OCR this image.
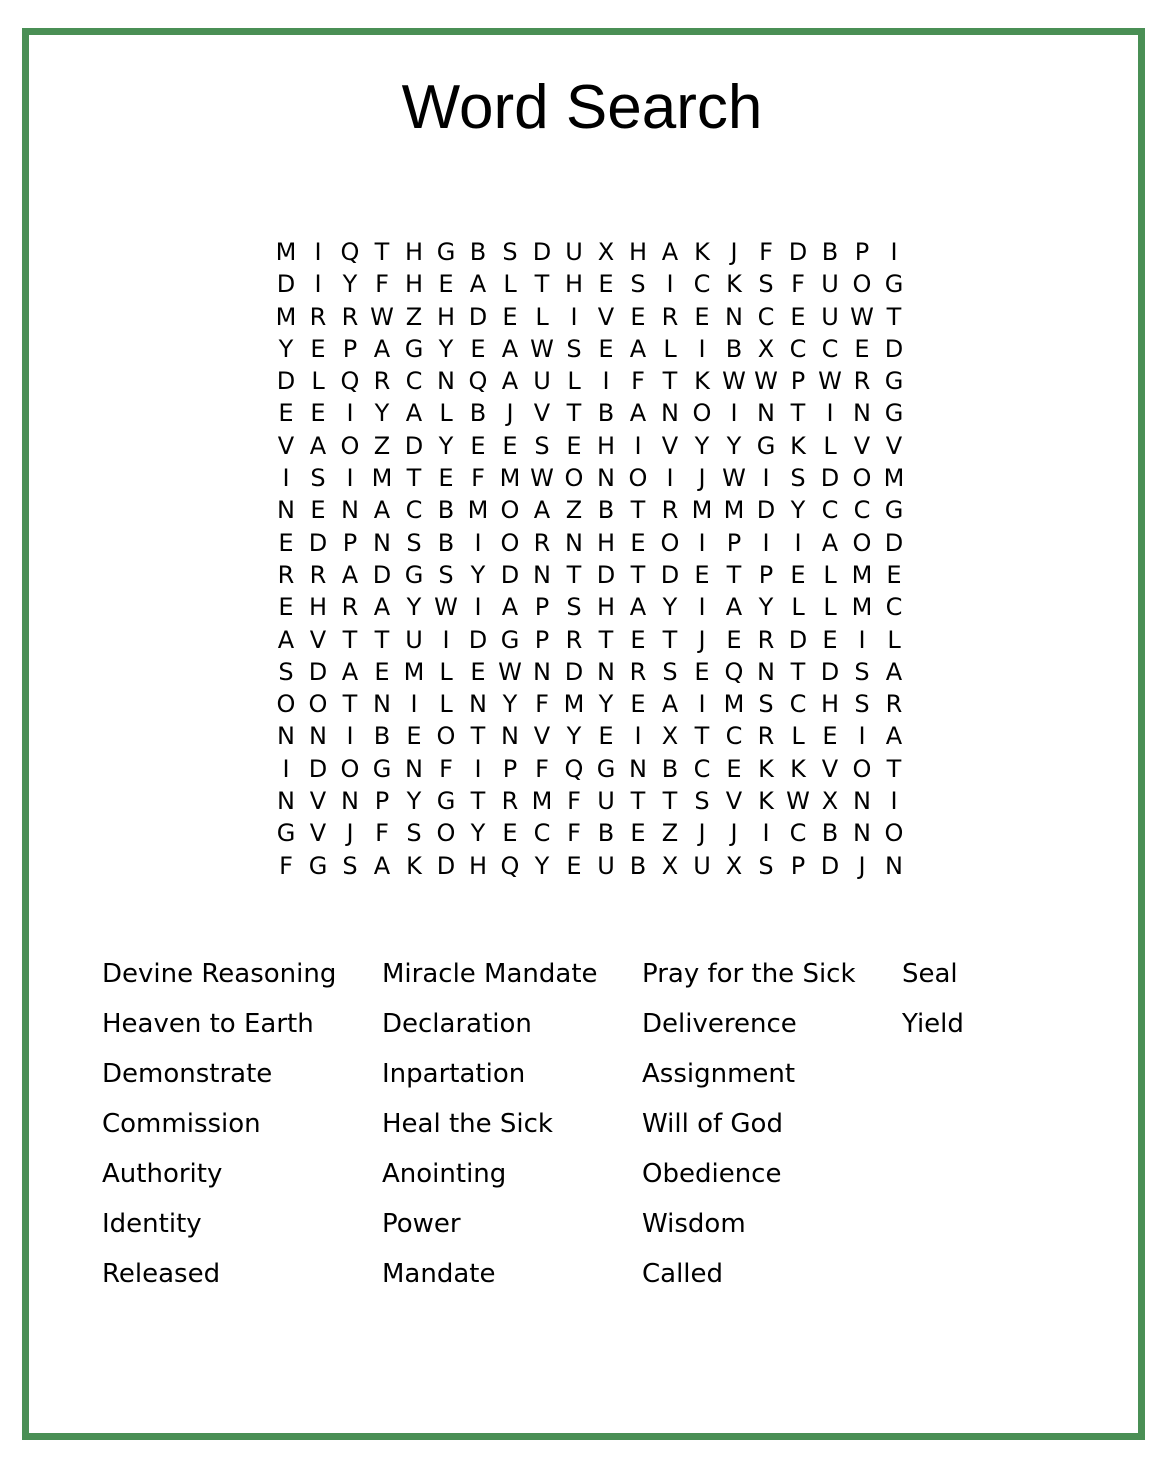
Word Search
M I Q T H G B S D U X H A K J F D B P I
D I Y F H E A L T H E S I C K S F U O G
M R R W Z H D E L I V E R E N C E U W T
Y E P A G Y E A W S E A L I B X C C E D
D L Q R C N Q A U L I F T K W W P W R G
E E I Y A L B J V T B A N O I N T I N G
V A O Z D Y E E S E H I V Y Y G K L V V
I S I M T E F M W O N O I	J W I S D O M
N E N A C B M O A Z B T R M M D Y C C G
E D P N S B I O R N H E O I P I	I A O D
R R A D G S Y D N T D T D E T P E L M E
E H R A Y W I A P S H A Y I A Y L L M C
A V T T U I D G P R T E T J E R D E I L
S D A E M L E W N D N R S E Q N T D S A
O O T N I L N Y F M Y E A I M S C H S R
N N I B E O T N V Y E I X T C R L E I A
I D O G N F I P F Q G N B C E K K V O T
N V N P Y G T R M F U T T S V K W X N I
G V J F S O Y E C F B E Z J	J	I C B N O
F G S A K D H Q Y E U B X U X S P D J N
Devine Reasoning
Heaven to Earth
Demonstrate
Commission
Authority
Identity
Released
Miracle Mandate
Declaration
Inpartation
Heal the Sick
Anointing
Power
Mandate
Pray for the Sick
Deliverence
Assignment
Will of God
Obedience
Wisdom
Called
Seal
Yield
